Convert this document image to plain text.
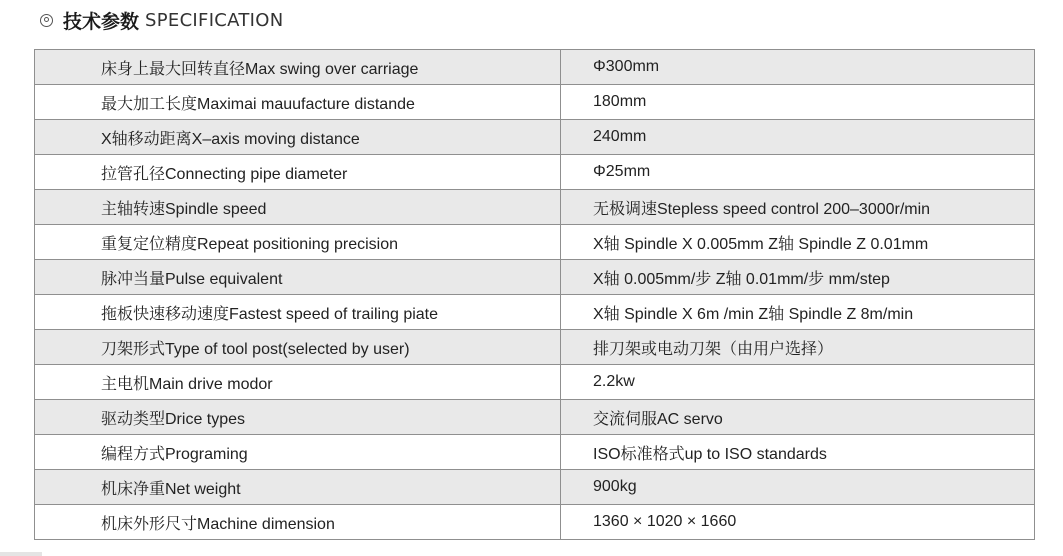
技术参数 SPECIFICATION
床身上最大回转直径Max swing over carriage	Φ300mm
最大加工长度Maximai mauufacture distande	180mm
X轴移动距离X–axis moving distance	240mm
拉管孔径Connecting pipe diameter	Φ25mm
主轴转速Spindle speed	无极调速Stepless speed control 200–3000r/min
重复定位精度Repeat positioning precision	X轴 Spindle X 0.005mm Z轴 Spindle Z 0.01mm
脉冲当量Pulse equivalent	X轴 0.005mm/步 Z轴 0.01mm/步 mm/step
拖板快速移动速度Fastest speed of trailing piate	X轴 Spindle X 6m /min Z轴 Spindle Z 8m/min
刀架形式Type of tool post(selected by user)	排刀架或电动刀架（由用户选择）
主电机Main drive modor	2.2kw
驱动类型Drice types	交流伺服AC servo
编程方式Programing	ISO标准格式up to ISO standards
机床净重Net weight	900kg
机床外形尺寸Machine dimension	1360 × 1020 × 1660
